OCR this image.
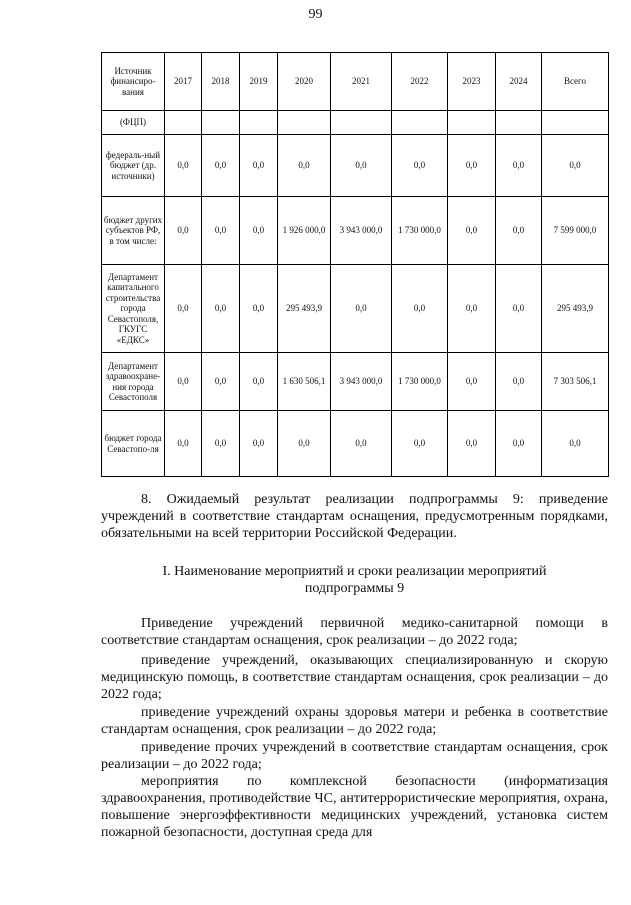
99
Источник финансиро-вания	2017	2018	2019	2020	2021	2022	2023	2024	Всего
(ФЦП)									
федераль-ный бюджет (др. источники)	0,0	0,0	0,0	0,0	0,0	0,0	0,0	0,0	0,0
бюджет других субъектов РФ, в том числе:	0,0	0,0	0,0	1 926 000,0	3 943 000,0	1 730 000,0	0,0	0,0	7 599 000,0
Департамент капитального строительства города Севастополя, ГКУГС «ЕДКС»	0,0	0,0	0,0	295 493,9	0,0	0,0	0,0	0,0	295 493,9
Департамент здравоохране-ния города Севастополя	0,0	0,0	0,0	1 630 506,1	3 943 000,0	1 730 000,0	0,0	0,0	7 303 506,1
бюджет города Севастопо-ля	0,0	0,0	0,0	0,0	0,0	0,0	0,0	0,0	0,0
8. Ожидаемый результат реализации подпрограммы 9: приведение учреждений в соответствие стандартам оснащения, предусмотренным порядками, обязательными на всей территории Российской Федерации.
I. Наименование мероприятий и сроки реализации мероприятий
подпрограммы 9
Приведение учреждений первичной медико-санитарной помощи в соответствие стандартам оснащения, срок реализации – до 2022 года;
приведение учреждений, оказывающих специализированную и скорую медицинскую помощь, в соответствие стандартам оснащения, срок реализации – до 2022 года;
приведение учреждений охраны здоровья матери и ребенка в соответствие стандартам оснащения, срок реализации – до 2022 года;
приведение прочих учреждений в соответствие стандартам оснащения, срок реализации – до 2022 года;
мероприятия по комплексной безопасности (информатизация здравоохранения, противодействие ЧС, антитеррористические мероприятия, охрана, повышение энергоэффективности медицинских учреждений, установка систем пожарной безопасности, доступная среда для
